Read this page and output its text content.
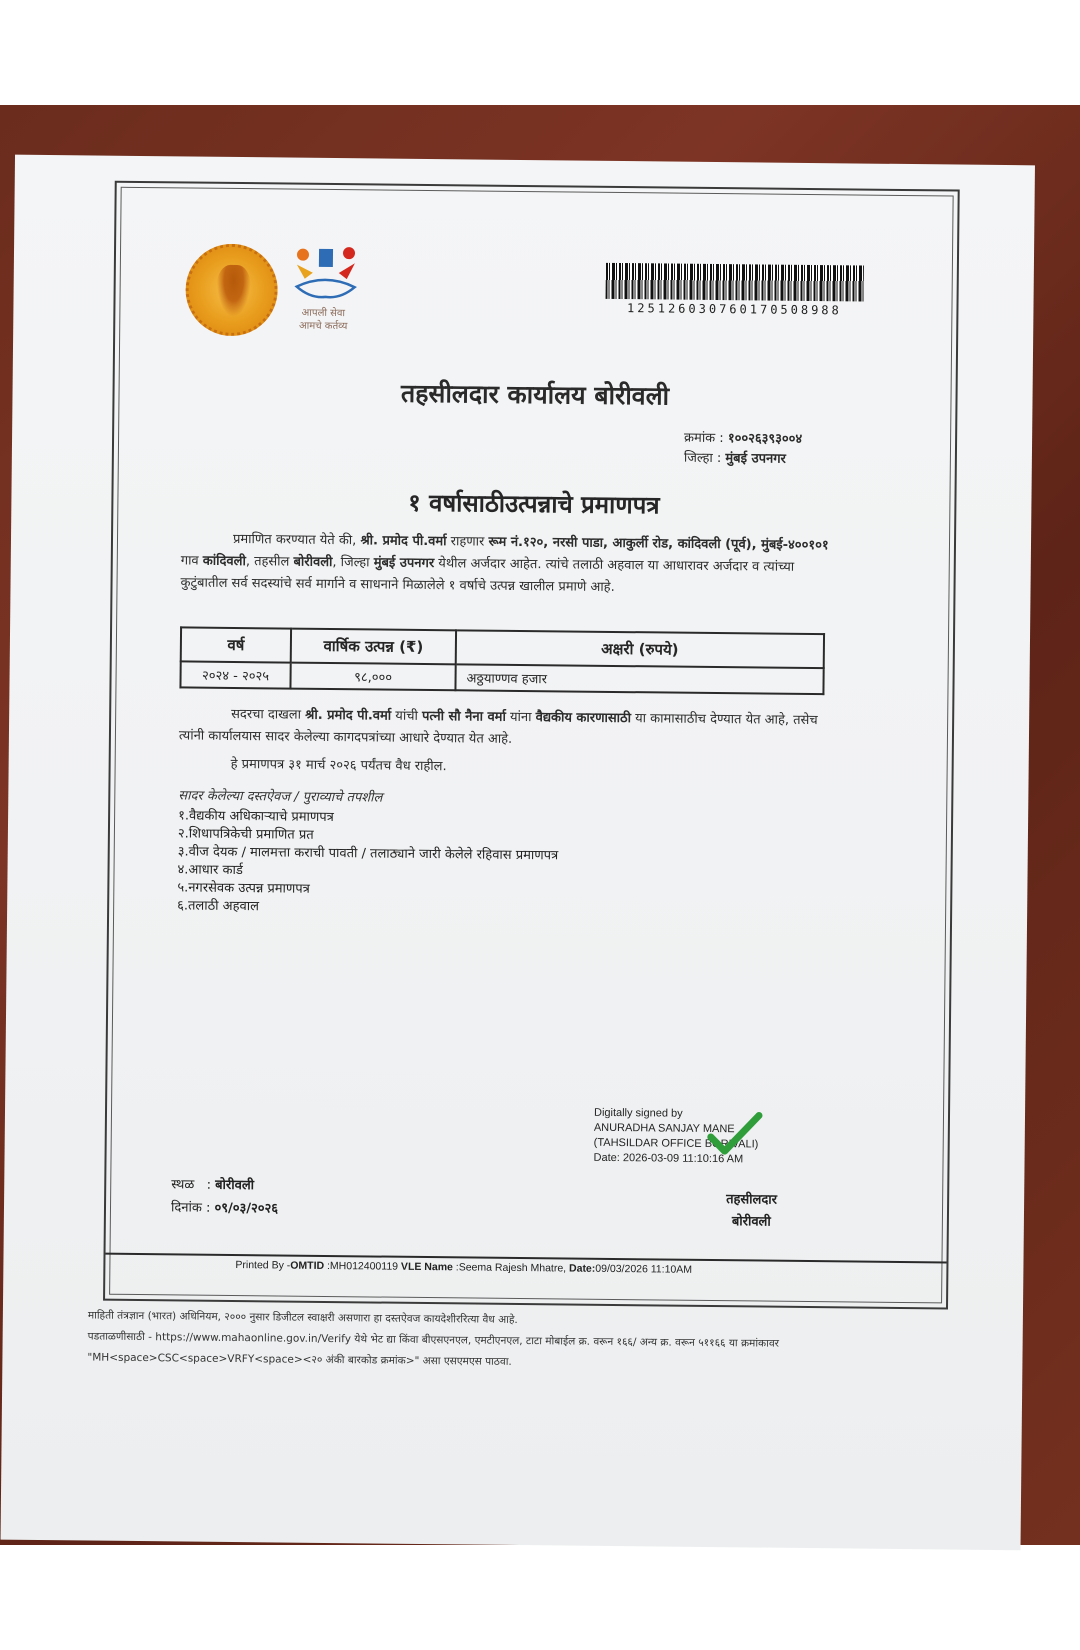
आपली सेवा
आमचे कर्तव्य
125126030760170508988
तहसीलदार कार्यालय बोरीवली
क्रमांक : १००२६३९३००४
जिल्हा : मुंबई उपनगर
१ वर्षासाठीउत्पन्नाचे प्रमाणपत्र

प्रमाणित करण्यात येते की, श्री. प्रमोद पी.वर्मा राहणार रूम नं.१२०, नरसी पाडा, आकुर्ली रोड, कांदिवली (पूर्व), मुंबई-४००१०१ गाव कांदिवली, तहसील बोरीवली, जिल्हा मुंबई उपनगर येथील अर्जदार आहेत. त्यांचे तलाठी अहवाल या आधारावर अर्जदार व त्यांच्या कुटुंबातील सर्व सदस्यांचे सर्व मार्गाने व साधनाने मिळालेले १ वर्षाचे उत्पन्न खालील प्रमाणे आहे.

वर्ष	वार्षिक उत्पन्न (₹)	अक्षरी (रुपये)
२०२४ - २०२५	९८,०००	अठ्ठयाण्णव हजार

सदरचा दाखला श्री. प्रमोद पी.वर्मा यांची पत्नी सौ नैना वर्मा यांना वैद्यकीय कारणासाठी या कामासाठीच देण्यात येत आहे, तसेच त्यांनी कार्यालयास सादर केलेल्या कागदपत्रांच्या आधारे देण्यात येत आहे.

हे प्रमाणपत्र ३१ मार्च २०२६ पर्यंतच वैध राहील.

सादर केलेल्या दस्तऐवज / पुराव्याचे तपशील
१.वैद्यकीय अधिकाऱ्याचे प्रमाणपत्र
२.शिधापत्रिकेची प्रमाणित प्रत
३.वीज देयक / मालमत्ता कराची पावती / तलाठ्याने जारी केलेले रहिवास प्रमाणपत्र
४.आधार कार्ड
५.नगरसेवक उत्पन्न प्रमाणपत्र
६.तलाठी अहवाल
Digitally signed by
ANURADHA SANJAY MANE
(TAHSILDAR OFFICE BORIVALI)
Date: 2026-03-09 11:10:16 AM
स्थळ   : बोरीवली
दिनांक : ०९/०३/२०२६
तहसीलदार
बोरीवली
Printed By -OMTID :MH012400119 VLE Name :Seema Rajesh Mhatre, Date:09/03/2026 11:10AM
माहिती तंत्रज्ञान (भारत) अधिनियम, २००० नुसार डिजीटल स्वाक्षरी असणारा हा दस्तऐवज कायदेशीररित्या वैध आहे.
पडताळणीसाठी - https://www.mahaonline.gov.in/Verify येथे भेट द्या किंवा बीएसएनएल, एमटीएनएल, टाटा मोबाईल क्र. वरून १६६/ अन्य क्र. वरून ५११६६ या क्रमांकावर
"MH<space>CSC<space>VRFY<space><२० अंकी बारकोड क्रमांक>" असा एसएमएस पाठवा.
